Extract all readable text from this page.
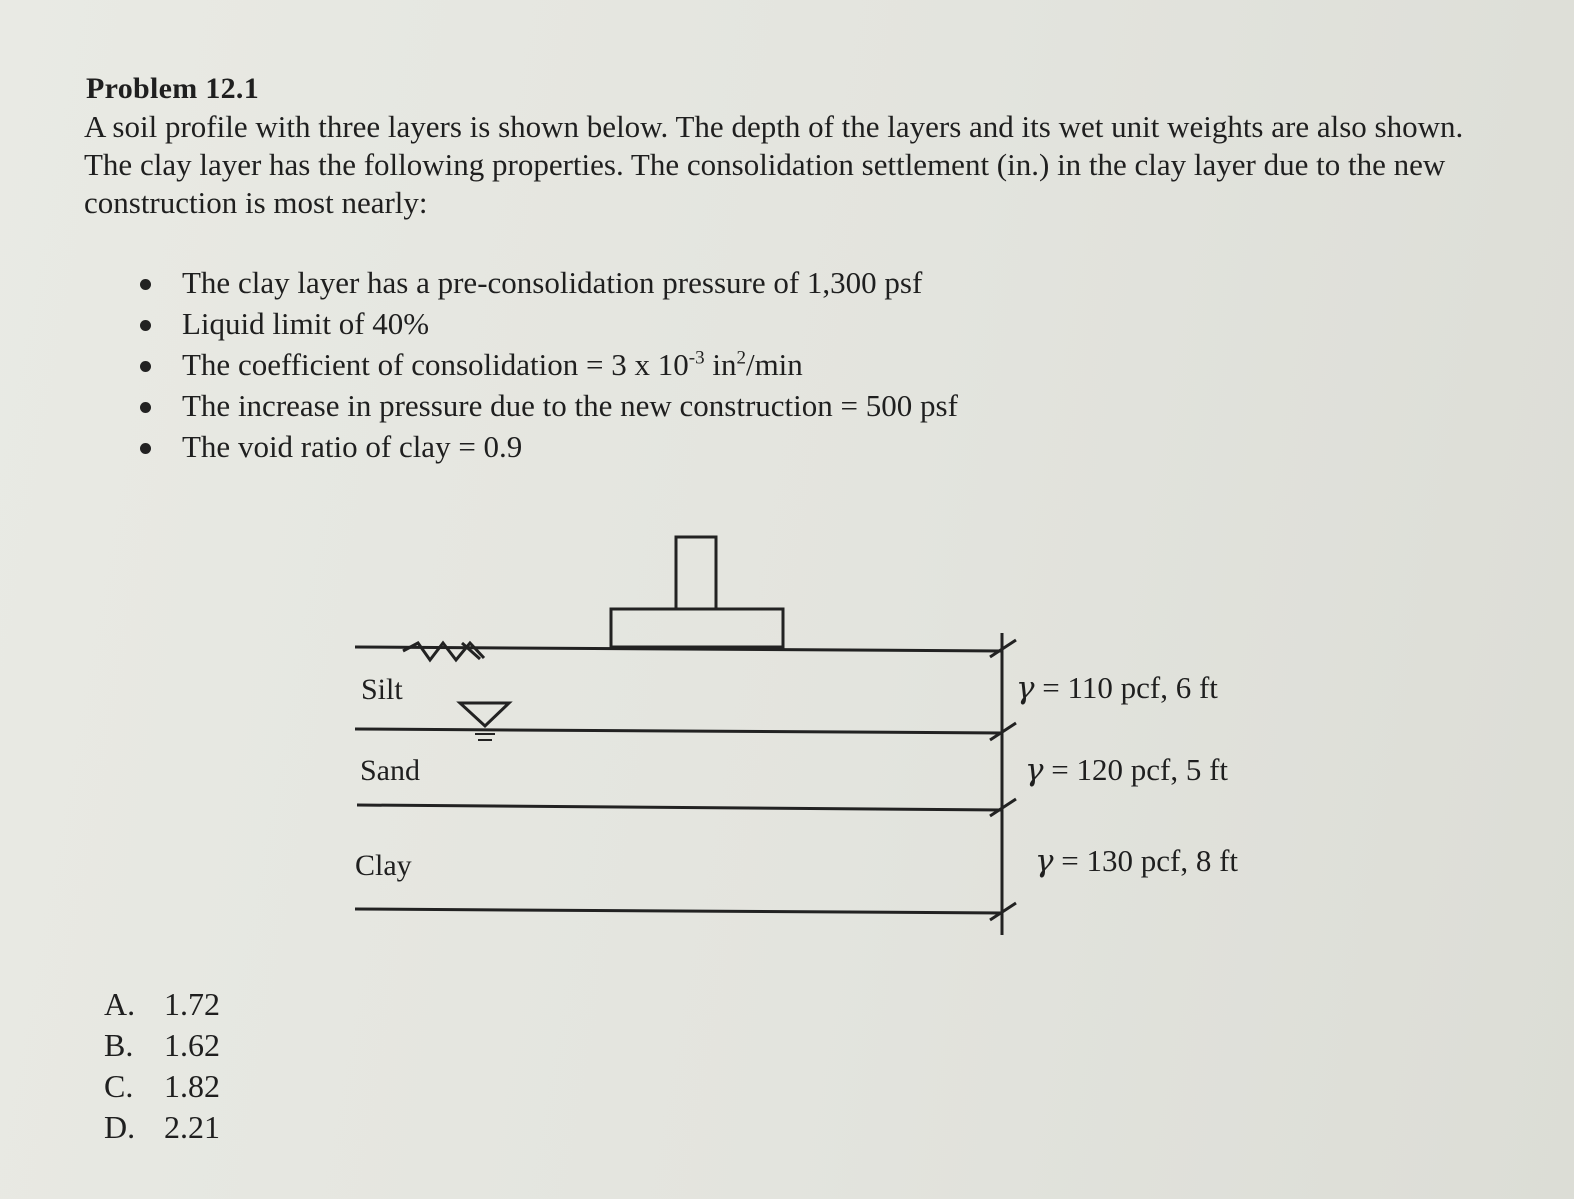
Problem 12.1
A soil profile with three layers is shown below. The depth of the layers and its wet unit weights are also shown. The clay layer has the following properties. The consolidation settlement (in.) in the clay layer due to the new construction is most nearly:
The clay layer has a pre-consolidation pressure of 1,300 psf
Liquid limit of 40%
The coefficient of consolidation = 3 x $10^{-3}$ $in^2/\min$
The increase in pressure due to the new construction = 500 psf
The void ratio of clay = 0.9
Silt
Sand
Clay
γ = 110 pcf, 6 ft
γ = 120 pcf, 5 ft
γ = 130 pcf, 8 ft
A. 1.72
B. 1.62
C. 1.82
D. 2.21
